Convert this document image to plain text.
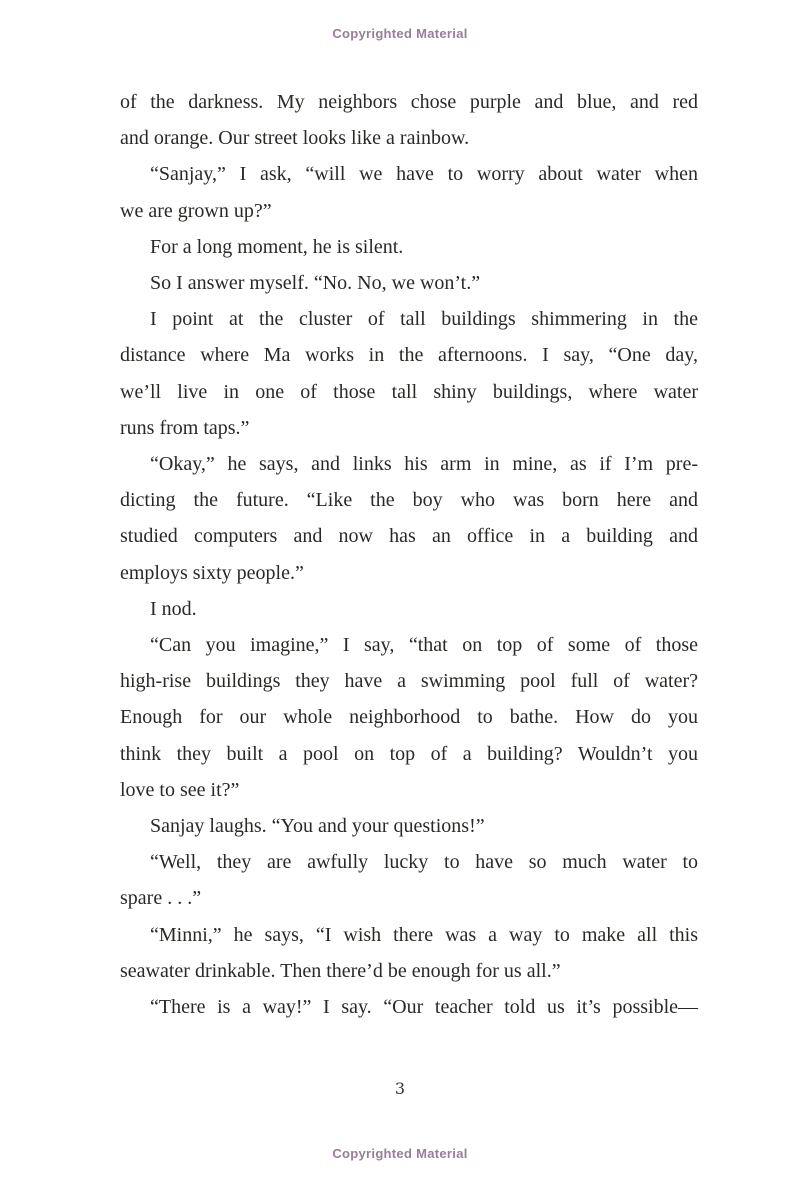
Copyrighted Material
of the darkness. My neighbors chose purple and blue, and red
and orange. Our street looks like a rainbow.
“Sanjay,” I ask, “will we have to worry about water when
we are grown up?”
For a long moment, he is silent.
So I answer myself. “No. No, we won’t.”
I point at the cluster of tall buildings shimmering in the
distance where Ma works in the afternoons. I say, “One day,
we’ll live in one of those tall shiny buildings, where water
runs from taps.”
“Okay,” he says, and links his arm in mine, as if I’m pre-
dicting the future. “Like the boy who was born here and
studied computers and now has an office in a building and
employs sixty people.”
I nod.
“Can you imagine,” I say, “that on top of some of those
high-rise buildings they have a swimming pool full of water?
Enough for our whole neighborhood to bathe. How do you
think they built a pool on top of a building? Wouldn’t you
love to see it?”
Sanjay laughs. “You and your questions!”
“Well, they are awfully lucky to have so much water to
spare . . .”
“Minni,” he says, “I wish there was a way to make all this
seawater drinkable. Then there’d be enough for us all.”
“There is a way!” I say. “Our teacher told us it’s possible—
3
Copyrighted Material
